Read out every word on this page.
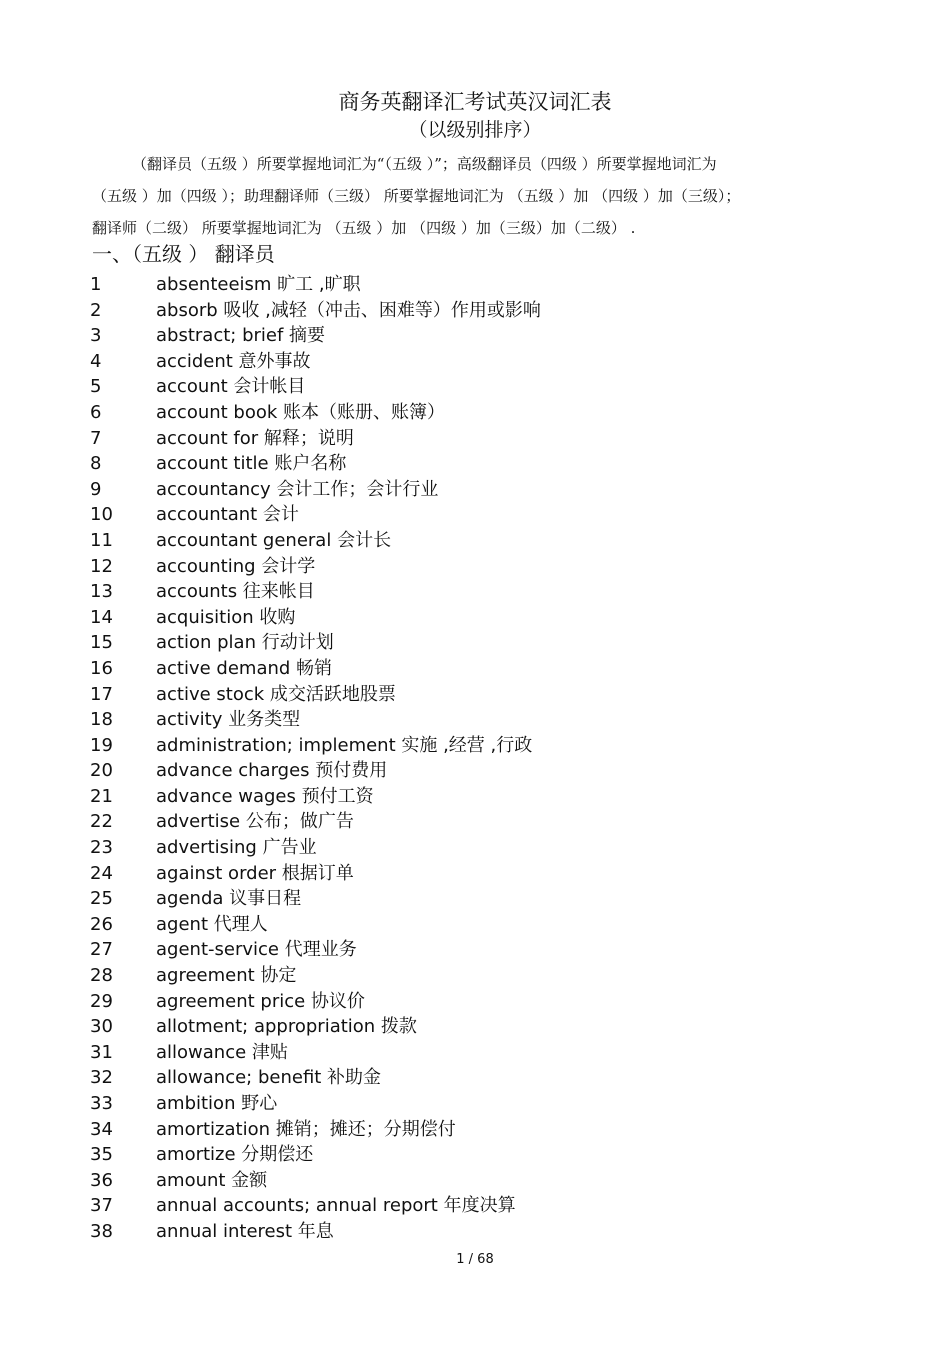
商务英翻译汇考试英汉词汇表
（以级别排序）

（翻译员（五级 ）所要掌握地词汇为“（五级 ）”；高级翻译员（四级 ）所要掌握地词汇为

（五级 ）加（四级 ）；助理翻译师（三级） 所要掌握地词汇为 （五级 ）加 （四级 ）加（三级）；

翻译师（二级） 所要掌握地词汇为 （五级 ）加 （四级 ）加（三级）加（二级） .

一、（五级 ） 翻译员
1	absenteeism 旷工 ,旷职
2	absorb 吸收 ,减轻（冲击、困难等）作用或影响
3	abstract; brief 摘要
4	accident 意外事故
5	account 会计帐目
6	account book 账本（账册、账簿）
7	account for 解释；说明
8	account title 账户名称
9	accountancy 会计工作；会计行业
10	accountant 会计
11	accountant general 会计长
12	accounting 会计学
13	accounts 往来帐目
14	acquisition 收购
15	action plan 行动计划
16	active demand 畅销
17	active stock 成交活跃地股票
18	activity 业务类型
19	administration; implement 实施 ,经营 ,行政
20	advance charges 预付费用
21	advance wages 预付工资
22	advertise 公布；做广告
23	advertising 广告业
24	against order 根据订单
25	agenda 议事日程
26	agent 代理人
27	agent-service 代理业务
28	agreement 协定
29	agreement price 协议价
30	allotment; appropriation 拨款
31	allowance 津贴
32	allowance; benefit 补助金
33	ambition 野心
34	amortization 摊销；摊还；分期偿付
35	amortize 分期偿还
36	amount 金额
37	annual accounts; annual report 年度决算
38	annual interest 年息
1 / 68
